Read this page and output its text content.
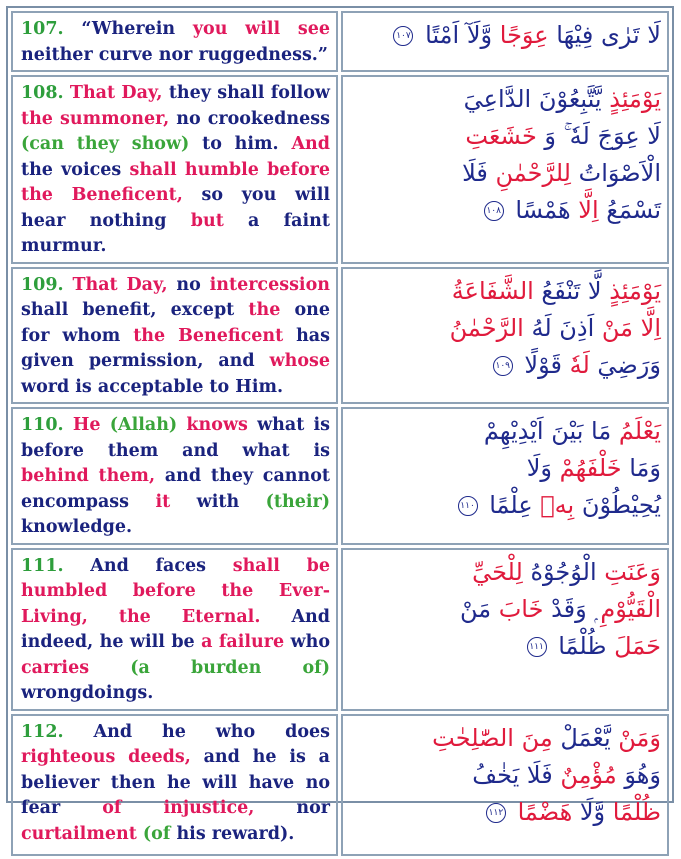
107. “Wherein you will see neither curve nor ruggedness.”	لَا تَرٰى فِيْهَا عِوَجًا وَّلَآ اَمْتًا ١٠٧

108. That Day, they shall follow the summoner, no crookedness (can they show) to him. And the voices shall humble before the Beneficent, so you will hear nothing but a faint murmur.	يَوْمَئِذٍ يَّتَّبِعُوْنَ الدَّاعِيَ
لَا عِوَجَ لَهٗ ۚ وَ خَشَعَتِ
الْاَصْوَاتُ لِلرَّحْمٰنِ فَلَا
تَسْمَعُ اِلَّا هَمْسًا ١٠٨

109. That Day, no intercession shall benefit, except the one for whom the Beneficent has given permission, and whose word is acceptable to Him.	يَوْمَئِذٍ لَّا تَنْفَعُ الشَّفَاعَةُ
اِلَّا مَنْ اَذِنَ لَهُ الرَّحْمٰنُ
وَرَضِيَ لَهٗ قَوْلًا ١٠٩

110. He (Allah) knows what is before them and what is behind them, and they cannot encompass it with (their) knowledge.	يَعْلَمُ مَا بَيْنَ اَيْدِيْهِمْ
وَمَا خَلْفَهُمْ وَلَا
يُحِيْطُوْنَ بِهٖ عِلْمًا ١١٠

111. And faces shall be humbled before the Ever-Living, the Eternal. And indeed, he will be a failure who carries (a burden of) wrongdoings.	وَعَنَتِ الْوُجُوْهُ لِلْحَيِّ
الْقَيُّوْمِ ۭ وَقَدْ خَابَ مَنْ
حَمَلَ ظُلْمًا ١١١

112. And he who does righteous deeds, and he is a believer then he will have no fear of injustice, nor curtailment (of his reward).	وَمَنْ يَّعْمَلْ مِنَ الصّٰلِحٰتِ
وَهُوَ مُؤْمِنٌ فَلَا يَخٰفُ
ظُلْمًا وَّلَا هَضْمًا ١١٢
